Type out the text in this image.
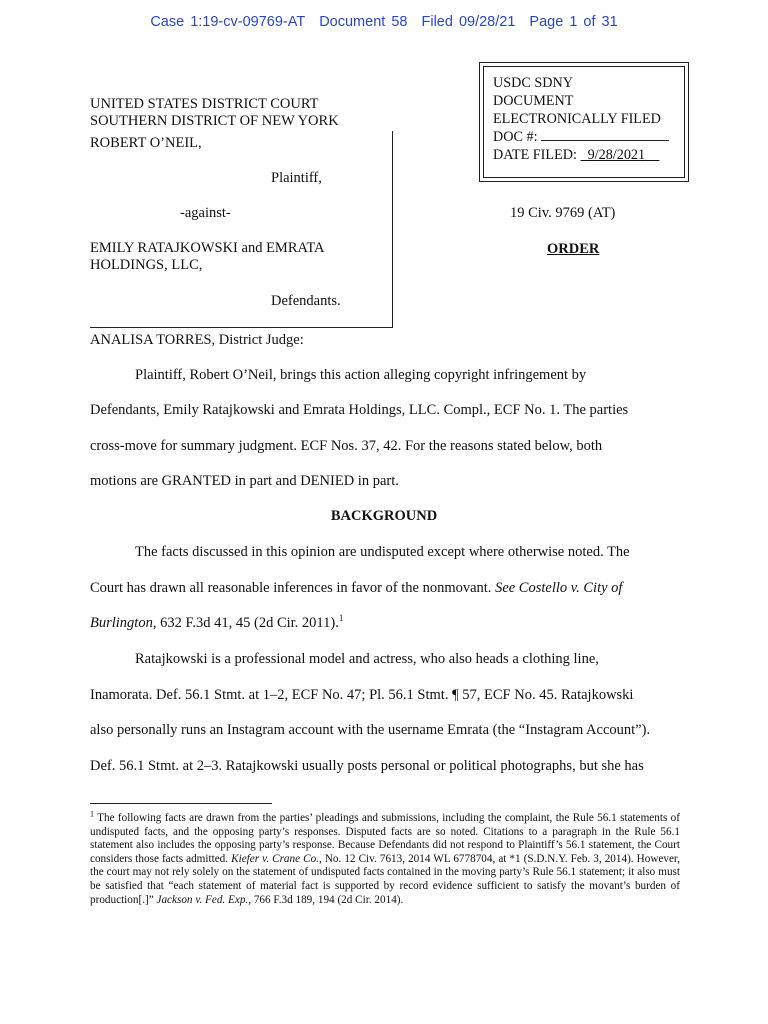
Case 1:19-cv-09769-AT Document 58 Filed 09/28/21 Page 1 of 31
USDC SDNY
DOCUMENT
ELECTRONICALLY FILED
DOC #:
DATE FILED: 9/28/2021
UNITED STATES DISTRICT COURT
SOUTHERN DISTRICT OF NEW YORK
ROBERT O’NEIL,
Plaintiff,
-against-
EMILY RATAJKOWSKI and EMRATA
HOLDINGS, LLC,
Defendants.
19 Civ. 9769 (AT)
ORDER
ANALISA TORRES, District Judge:
Plaintiff, Robert O’Neil, brings this action alleging copyright infringement by
Defendants, Emily Ratajkowski and Emrata Holdings, LLC. Compl., ECF No. 1. The parties
cross-move for summary judgment. ECF Nos. 37, 42. For the reasons stated below, both
motions are GRANTED in part and DENIED in part.
BACKGROUND
The facts discussed in this opinion are undisputed except where otherwise noted. The
Court has drawn all reasonable inferences in favor of the nonmovant. See Costello v. City of
Burlington, 632 F.3d 41, 45 (2d Cir. 2011).$^1$
Ratajkowski is a professional model and actress, who also heads a clothing line,
Inamorata. Def. 56.1 Stmt. at 1–2, ECF No. 47; Pl. 56.1 Stmt. ¶ 57, ECF No. 45. Ratajkowski
also personally runs an Instagram account with the username Emrata (the “Instagram Account”).
Def. 56.1 Stmt. at 2–3. Ratajkowski usually posts personal or political photographs, but she has
$^1$ The following facts are drawn from the parties’ pleadings and submissions, including the complaint, the Rule 56.1 statements of undisputed facts, and the opposing party’s responses. Disputed facts are so noted. Citations to a paragraph in the Rule 56.1 statement also includes the opposing party’s response. Because Defendants did not respond to Plaintiff’s 56.1 statement, the Court considers those facts admitted. Kiefer v. Crane Co., No. 12 Civ. 7613, 2014 WL 6778704, at *1 (S.D.N.Y. Feb. 3, 2014). However, the court may not rely solely on the statement of undisputed facts contained in the moving party’s Rule 56.1 statement; it also must be satisfied that “each statement of material fact is supported by record evidence sufficient to satisfy the movant’s burden of production[.]” Jackson v. Fed. Exp., 766 F.3d 189, 194 (2d Cir. 2014).
